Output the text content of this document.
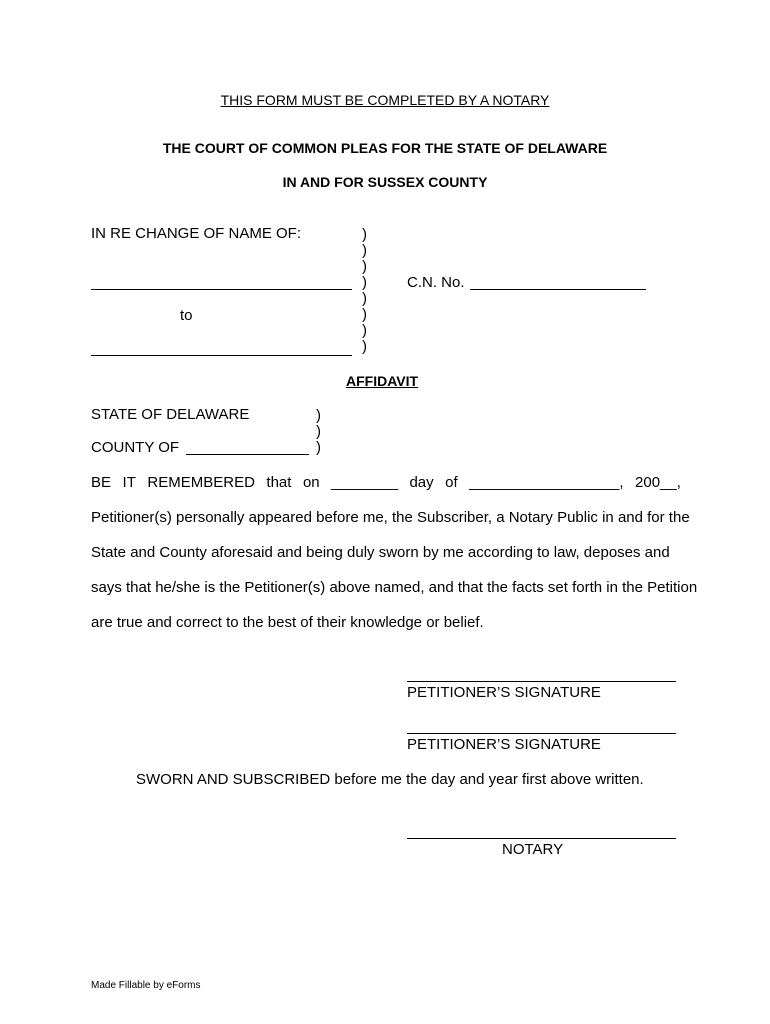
THIS FORM MUST BE COMPLETED BY A NOTARY
THE COURT OF COMMON PLEAS FOR THE STATE OF DELAWARE
IN AND FOR SUSSEX COUNTY
IN RE CHANGE OF NAME OF:	)
)
)
)
)
)
)
)
to
C.N. No.
AFFIDAVIT
STATE OF DELAWARE	)
)
)
COUNTY OF
BE IT REMEMBERED that on ________ day of __________________, 200__,
Petitioner(s) personally appeared before me, the Subscriber, a Notary Public in and for the
State and County aforesaid and being duly sworn by me according to law, deposes and
says that he/she is the Petitioner(s) above named, and that the facts set forth in the Petition
are true and correct to the best of their knowledge or belief.
PETITIONER’S SIGNATURE
PETITIONER’S SIGNATURE
SWORN AND SUBSCRIBED before me the day and year first above written.
NOTARY
Made Fillable by eForms
